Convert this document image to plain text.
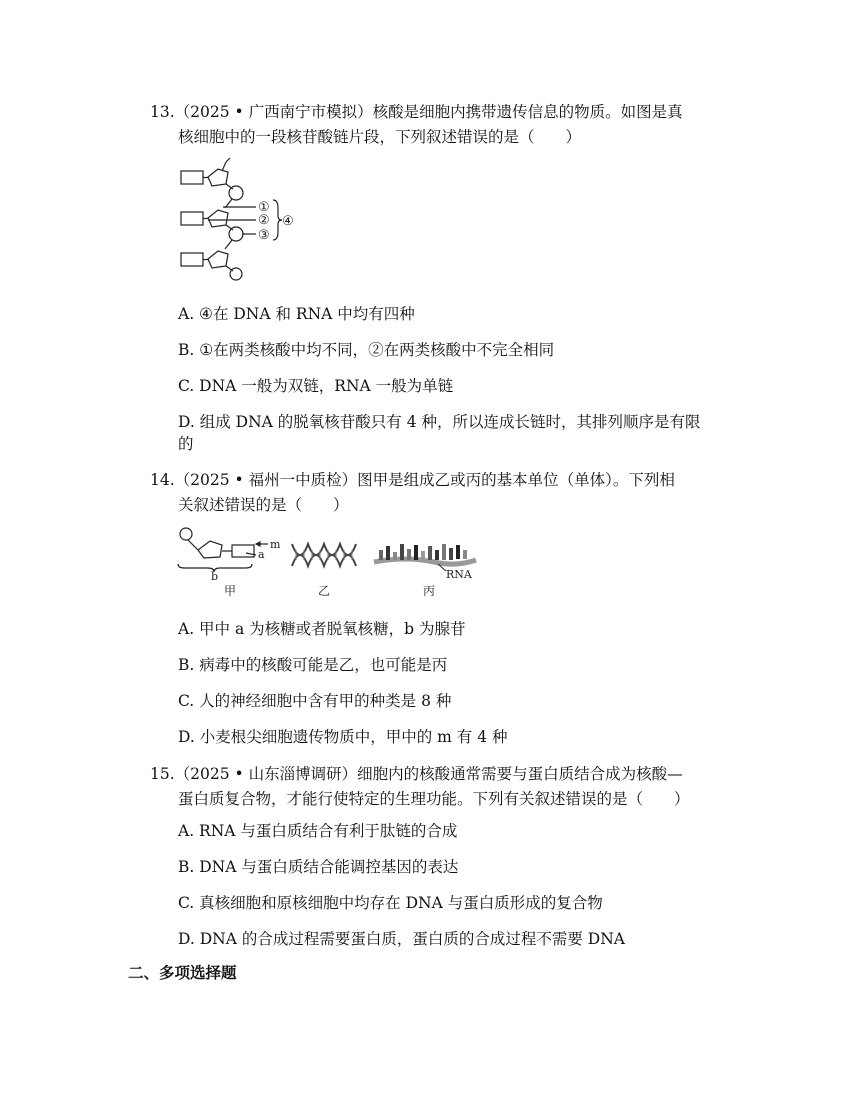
13.（2025 • 广西南宁市模拟）核酸是细胞内携带遗传信息的物质。如图是真

核细胞中的一段核苷酸链片段，下列叙述错误的是（　　）

①
②
③
④
A. ④在 DNA 和 RNA 中均有四种
B. ①在两类核酸中均不同，②在两类核酸中不完全相同
C. DNA 一般为双链，RNA 一般为单链
D. 组成 DNA 的脱氧核苷酸只有 4 种，所以连成长链时，其排列顺序是有限
的

14.（2025 • 福州一中质检）图甲是组成乙或丙的基本单位（单体）。下列相

关叙述错误的是（　　）

m
a
b
甲	乙
RNA
丙
A. 甲中 a 为核糖或者脱氧核糖，b 为腺苷
B. 病毒中的核酸可能是乙，也可能是丙
C. 人的神经细胞中含有甲的种类是 8 种
D. 小麦根尖细胞遗传物质中，甲中的 m 有 4 种

15.（2025 • 山东淄博调研）细胞内的核酸通常需要与蛋白质结合成为核酸—

蛋白质复合物，才能行使特定的生理功能。下列有关叙述错误的是（　　）

A. RNA 与蛋白质结合有利于肽链的合成
B. DNA 与蛋白质结合能调控基因的表达
C. 真核细胞和原核细胞中均存在 DNA 与蛋白质形成的复合物
D. DNA 的合成过程需要蛋白质，蛋白质的合成过程不需要 DNA
二、多项选择题
